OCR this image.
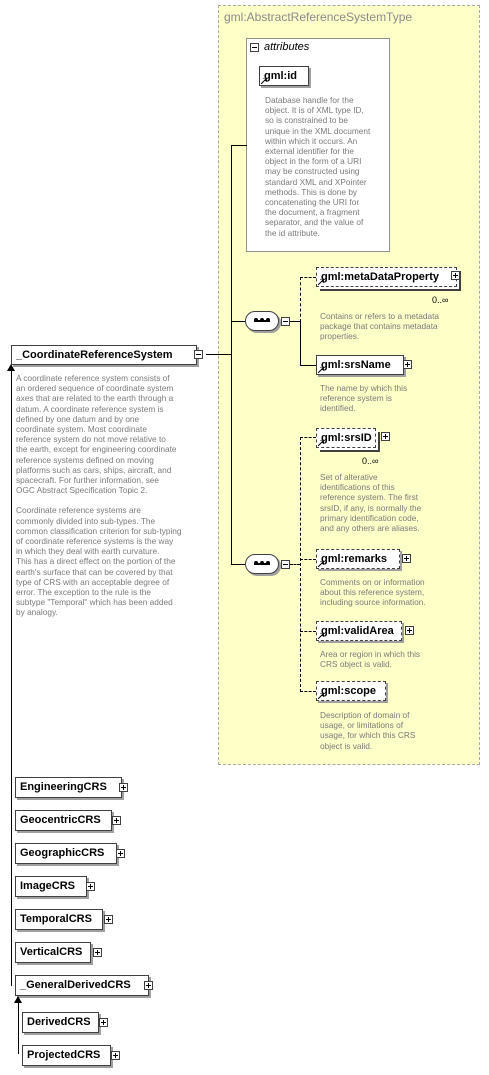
gml:AbstractReferenceSystemType
attributes
gml:id
Database handle for the
object. It is of XML type ID,
so is constrained to be
unique in the XML document
within which it occurs. An
external identifier for the
object in the form of a URI
may be constructed using
standard XML and XPointer
methods. This is done by
concatenating the URI for
the document, a fragment
separator, and the value of
the id attribute.
gml:metaDataProperty
0..∞
Contains or refers to a metadata
package that contains metadata
properties.
gml:srsName
The name by which this
reference system is
identified.
gml:srsID
0..∞
Set of alterative
identifications of this
reference system. The first
srsID, if any, is normally the
primary identification code,
and any others are aliases.
gml:remarks
Comments on or information
about this reference system,
including source information.
gml:validArea
Area or region in which this
CRS object is valid.
gml:scope
Description of domain of
usage, or limitations of
usage, for which this CRS
object is valid.
_CoordinateReferenceSystem
A coordinate reference system consists of
an ordered sequence of coordinate system
axes that are related to the earth through a
datum. A coordinate reference system is
defined by one datum and by one
coordinate system. Most coordinate
reference system do not move relative to
the earth, except for engineering coordinate
reference systems defined on moving
platforms such as cars, ships, aircraft, and
spacecraft. For further information, see
OGC Abstract Specification Topic 2.
Coordinate reference systems are
commonly divided into sub-types. The
common classification criterion for sub-typing
of coordinate reference systems is the way
in which they deal with earth curvature.
This has a direct effect on the portion of the
earth's surface that can be covered by that
type of CRS with an acceptable degree of
error. The exception to the rule is the
subtype "Temporal" which has been added
by analogy.
EngineeringCRS
GeocentricCRS
GeographicCRS
ImageCRS
TemporalCRS
VerticalCRS
_GeneralDerivedCRS
DerivedCRS
ProjectedCRS
